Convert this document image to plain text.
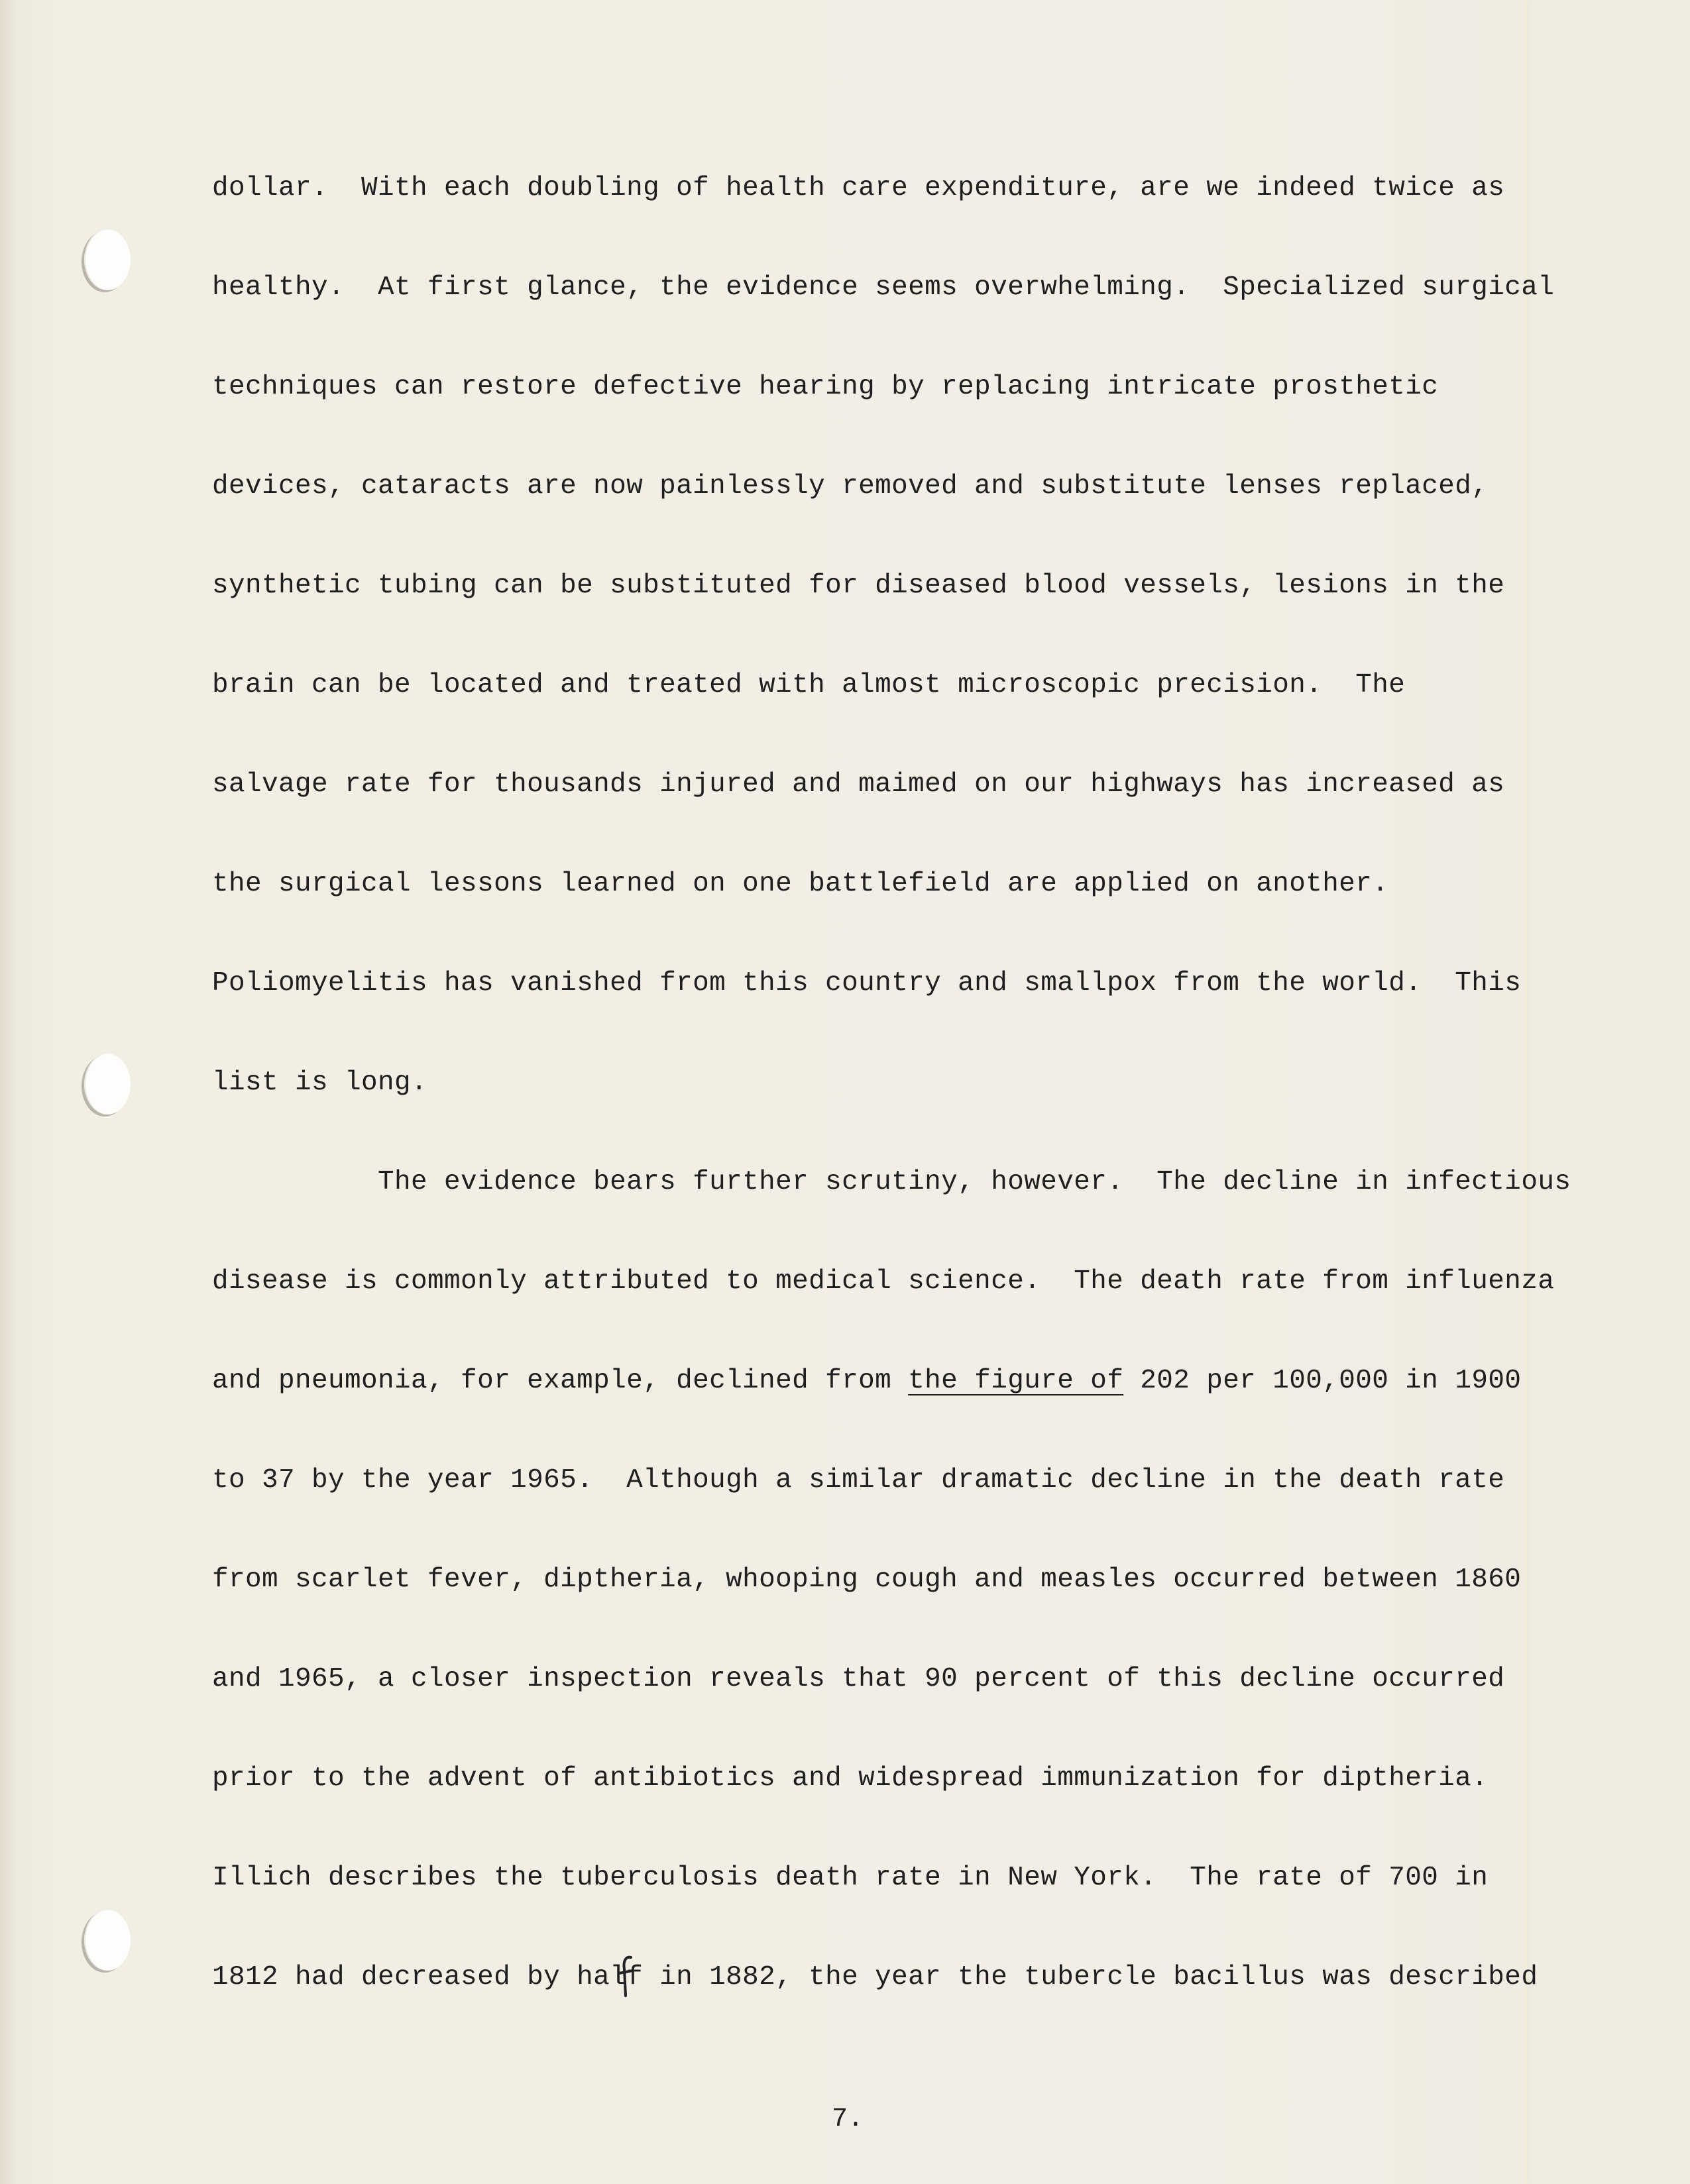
dollar.  With each doubling of health care expenditure, are we indeed twice as
healthy.  At first glance, the evidence seems overwhelming.  Specialized surgical
techniques can restore defective hearing by replacing intricate prosthetic
devices, cataracts are now painlessly removed and substitute lenses replaced,
synthetic tubing can be substituted for diseased blood vessels, lesions in the
brain can be located and treated with almost microscopic precision.  The
salvage rate for thousands injured and maimed on our highways has increased as
the surgical lessons learned on one battlefield are applied on another.
Poliomyelitis has vanished from this country and smallpox from the world.  This
list is long.
The evidence bears further scrutiny, however.  The decline in infectious
disease is commonly attributed to medical science.  The death rate from influenza
and pneumonia, for example, declined from the figure of 202 per 100,000 in 1900
to 37 by the year 1965.  Although a similar dramatic decline in the death rate
from scarlet fever, diptheria, whooping cough and measles occurred between 1860
and 1965, a closer inspection reveals that 90 percent of this decline occurred
prior to the advent of antibiotics and widespread immunization for diptheria.
Illich describes the tuberculosis death rate in New York.  The rate of 700 in
1812 had decreased by half in 1882, the year the tubercle bacillus was described
7.
